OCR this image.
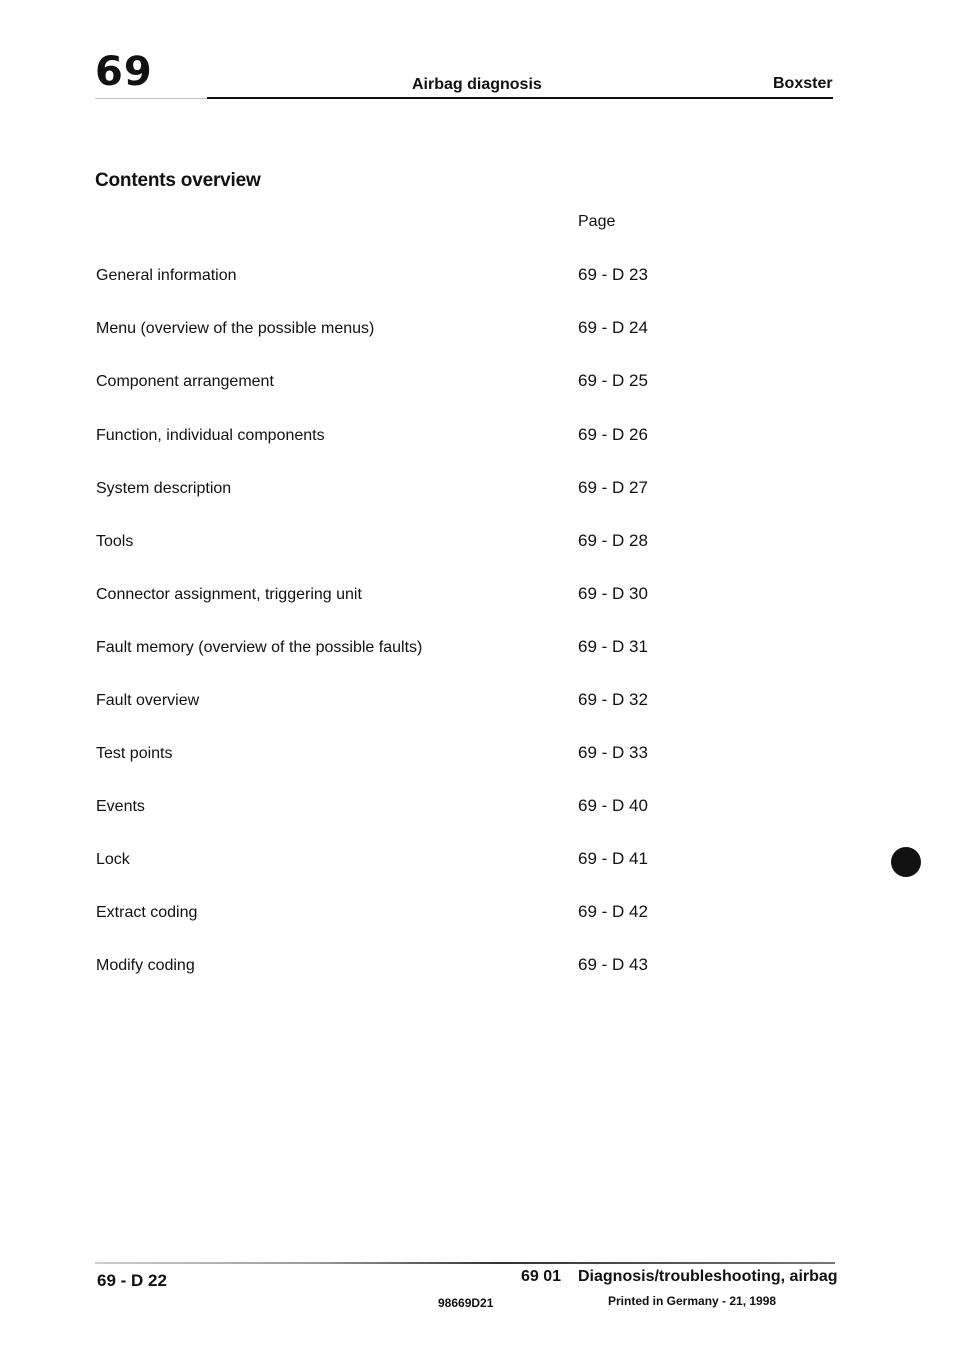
69	Airbag diagnosis	Boxster
Contents overview
Page
General information	69 - D 23
Menu (overview of the possible menus)	69 - D 24
Component arrangement	69 - D 25
Function, individual components	69 - D 26
System description	69 - D 27
Tools	69 - D 28
Connector assignment, triggering unit	69 - D 30
Fault memory (overview of the possible faults)	69 - D 31
Fault overview	69 - D 32
Test points	69 - D 33
Events	69 - D 40
Lock	69 - D 41
Extract coding	69 - D 42
Modify coding	69 - D 43
69 - D 22	69 01 Diagnosis/troubleshooting, airbag
98669D21	Printed in Germany - 21, 1998
